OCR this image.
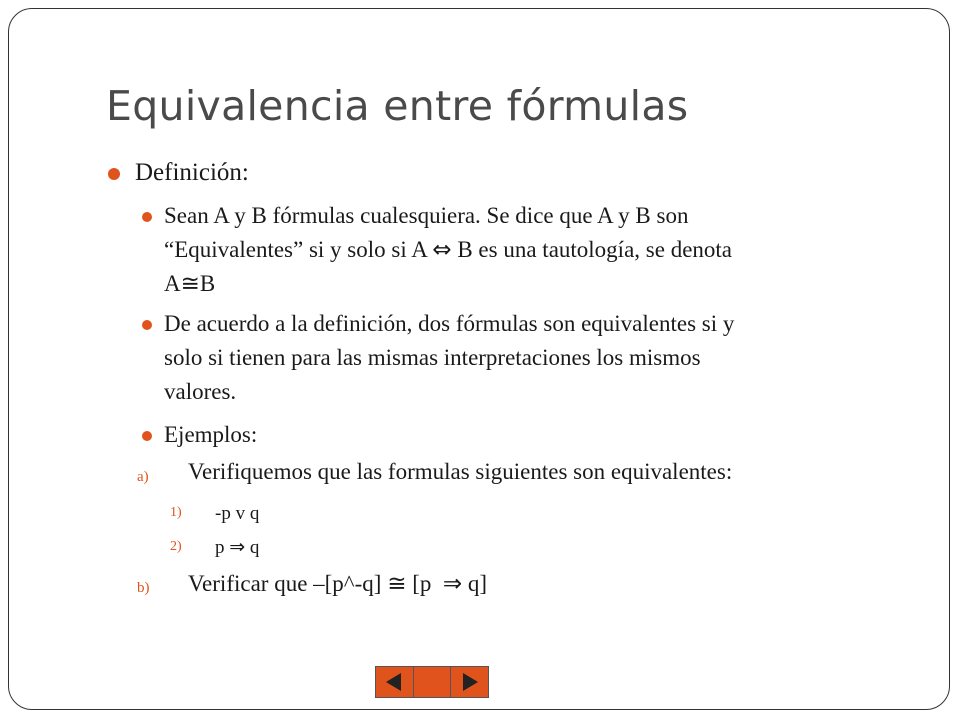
Equivalencia entre fórmulas
Definición:
Sean A y B fórmulas cualesquiera. Se dice que A y B son
“Equivalentes” si y solo si A ⇔ B es una tautología, se denota
A≅B
De acuerdo a la definición, dos fórmulas son equivalentes si y
solo si tienen para las mismas interpretaciones los mismos
valores.
Ejemplos:
a) Verifiquemos que las formulas siguientes son equivalentes:
1) -p v q
2) p ⇒ q
b) Verificar que –[p^-q] ≅ [p ⇒ q]
